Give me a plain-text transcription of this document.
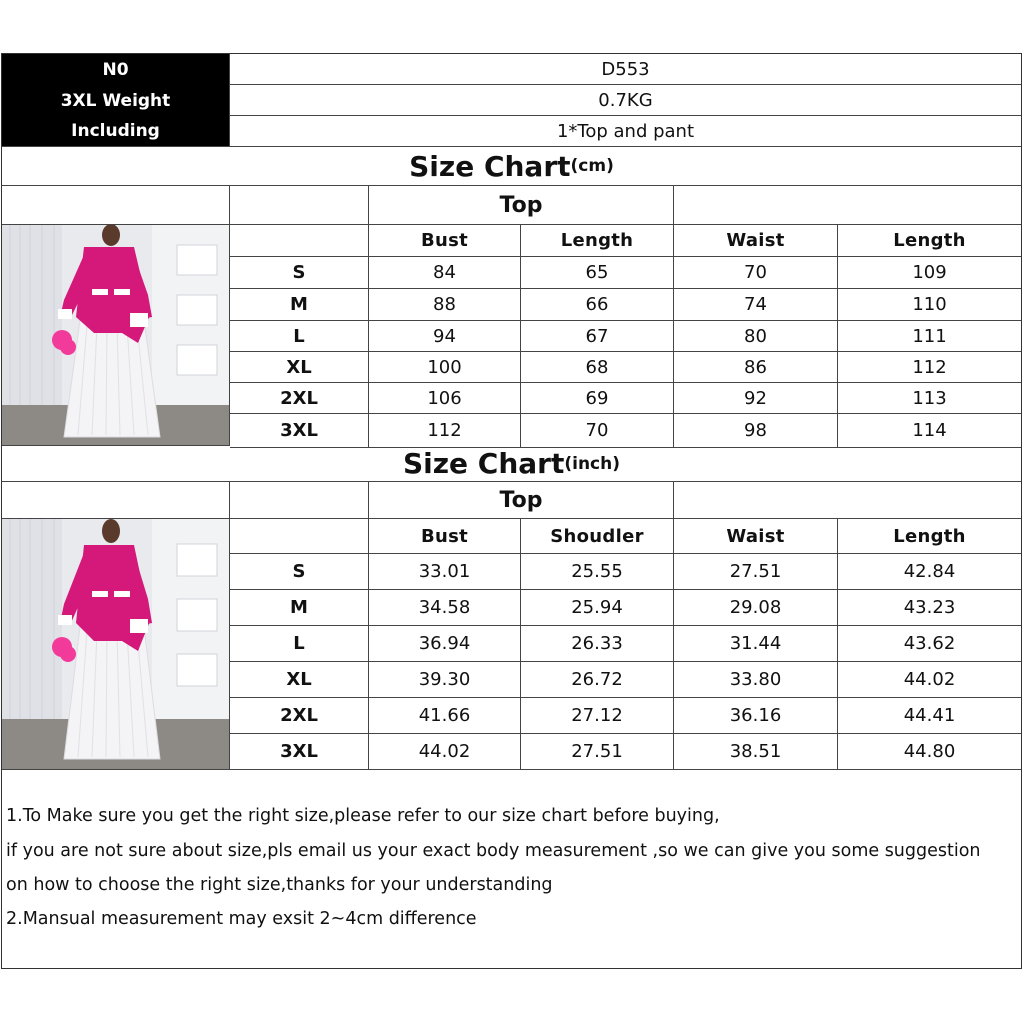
N0	D553
3XL Weight	0.7KG
Including	1*Top and pant
Size Chart (cm)
Top
Bust	Length	Waist	Length
S	84	65	70	109
M	88	66	74	110
L	94	67	80	111
XL	100	68	86	112
2XL	106	69	92	113
3XL	112	70	98	114
Size Chart (inch)
Top
Bust	Shoudler	Waist	Length
S	33.01	25.55	27.51	42.84
M	34.58	25.94	29.08	43.23
L	36.94	26.33	31.44	43.62
XL	39.30	26.72	33.80	44.02
2XL	41.66	27.12	36.16	44.41
3XL	44.02	27.51	38.51	44.80
1.To Make sure you get the right size,please refer to our size chart before buying,
if you are not sure about size,pls email us your exact body measurement ,so we can give you some suggestion
on how to choose the right size,thanks for your understanding
2.Mansual measurement may exsit 2~4cm difference
